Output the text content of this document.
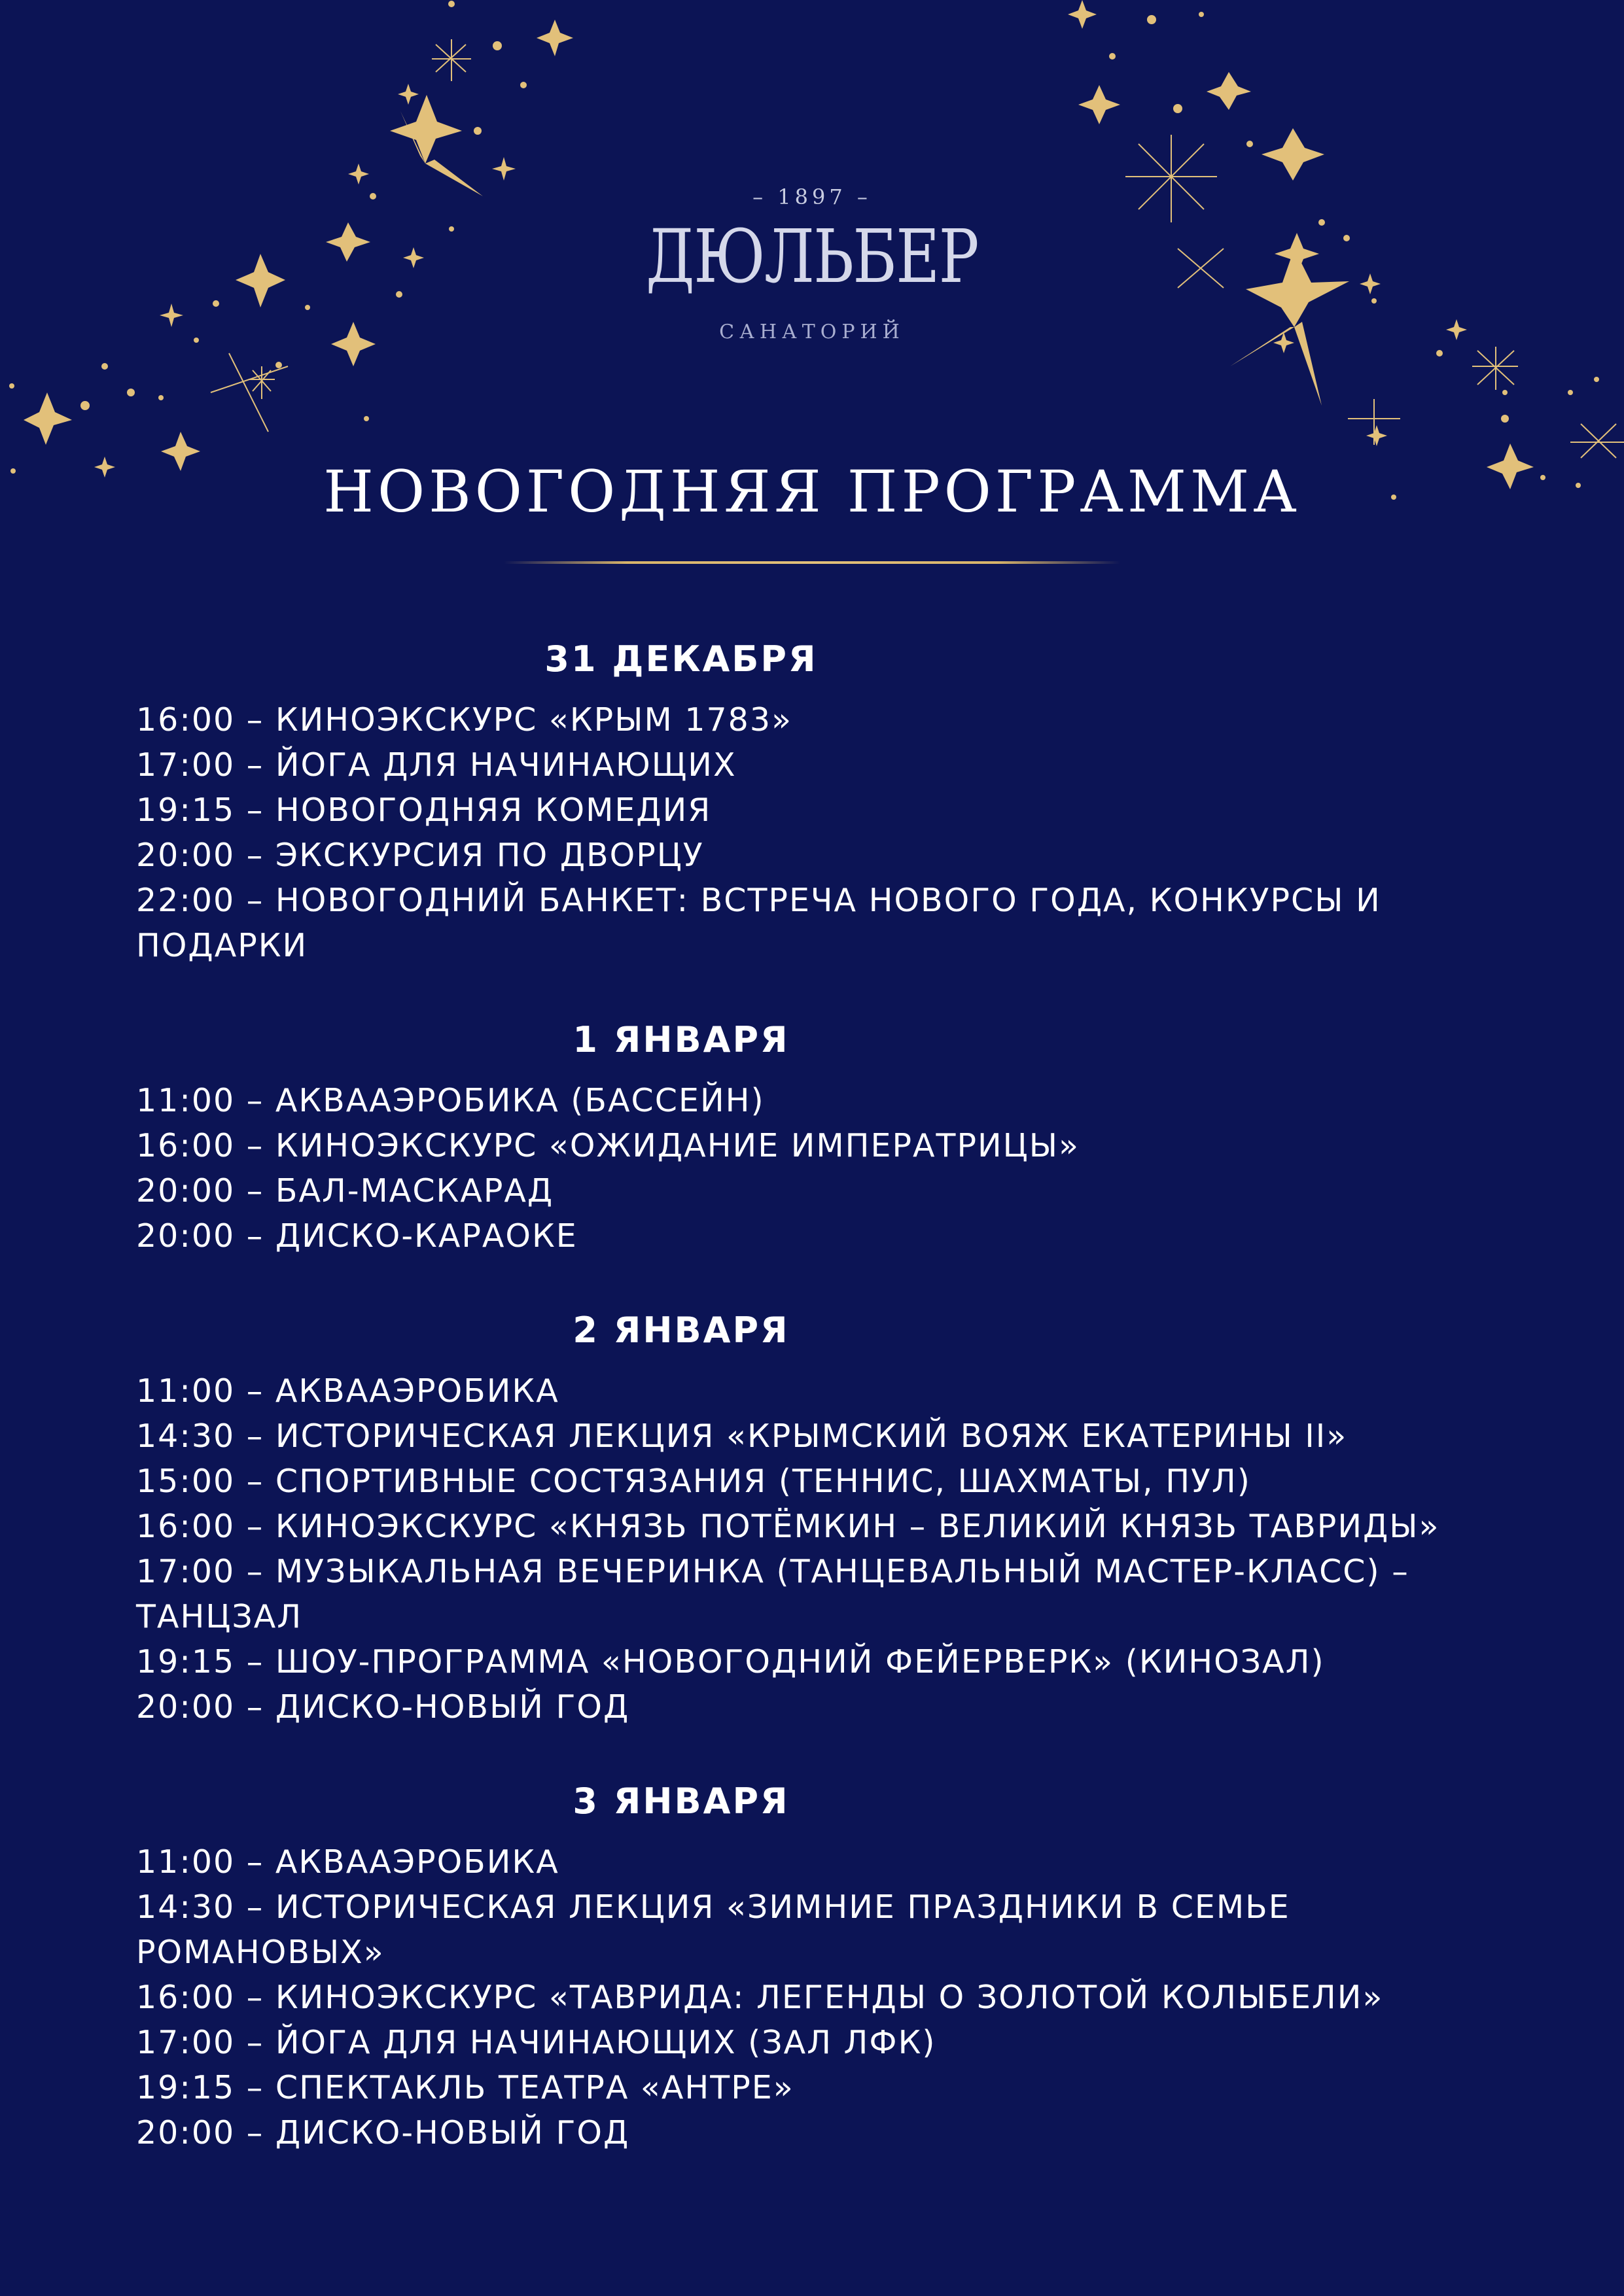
– 1897 –
ДЮЛЬБЕР
САНАТОРИЙ
НОВОГОДНЯЯ ПРОГРАММА
31 ДЕКАБРЯ
16:00 – КИНОЭКСКУРС «КРЫМ 1783»
17:00 – ЙОГА ДЛЯ НАЧИНАЮЩИХ
19:15 – НОВОГОДНЯЯ КОМЕДИЯ
20:00 – ЭКСКУРСИЯ ПО ДВОРЦУ
22:00 – НОВОГОДНИЙ БАНКЕТ: ВСТРЕЧА НОВОГО ГОДА, КОНКУРСЫ И ПОДАРКИ
1 ЯНВАРЯ
11:00 – АКВААЭРОБИКА (БАССЕЙН)
16:00 – КИНОЭКСКУРС «ОЖИДАНИЕ ИМПЕРАТРИЦЫ»
20:00 – БАЛ-МАСКАРАД
20:00 – ДИСКО-КАРАОКЕ
2 ЯНВАРЯ
11:00 – АКВААЭРОБИКА
14:30 – ИСТОРИЧЕСКАЯ ЛЕКЦИЯ «КРЫМСКИЙ ВОЯЖ ЕКАТЕРИНЫ II»
15:00 – СПОРТИВНЫЕ СОСТЯЗАНИЯ (ТЕННИС, ШАХМАТЫ, ПУЛ)
16:00 – КИНОЭКСКУРС «КНЯЗЬ ПОТЁМКИН – ВЕЛИКИЙ КНЯЗЬ ТАВРИДЫ»
17:00 – МУЗЫКАЛЬНАЯ ВЕЧЕРИНКА (ТАНЦЕВАЛЬНЫЙ МАСТЕР-КЛАСС) – ТАНЦЗАЛ
19:15 – ШОУ-ПРОГРАММА «НОВОГОДНИЙ ФЕЙЕРВЕРК» (КИНОЗАЛ)
20:00 – ДИСКО-НОВЫЙ ГОД
3 ЯНВАРЯ
11:00 – АКВААЭРОБИКА
14:30 – ИСТОРИЧЕСКАЯ ЛЕКЦИЯ «ЗИМНИЕ ПРАЗДНИКИ В СЕМЬЕ РОМАНОВЫХ»
16:00 – КИНОЭКСКУРС «ТАВРИДА: ЛЕГЕНДЫ О ЗОЛОТОЙ КОЛЫБЕЛИ»
17:00 – ЙОГА ДЛЯ НАЧИНАЮЩИХ (ЗАЛ ЛФК)
19:15 – СПЕКТАКЛЬ ТЕАТРА «АНТРЕ»
20:00 – ДИСКО-НОВЫЙ ГОД
